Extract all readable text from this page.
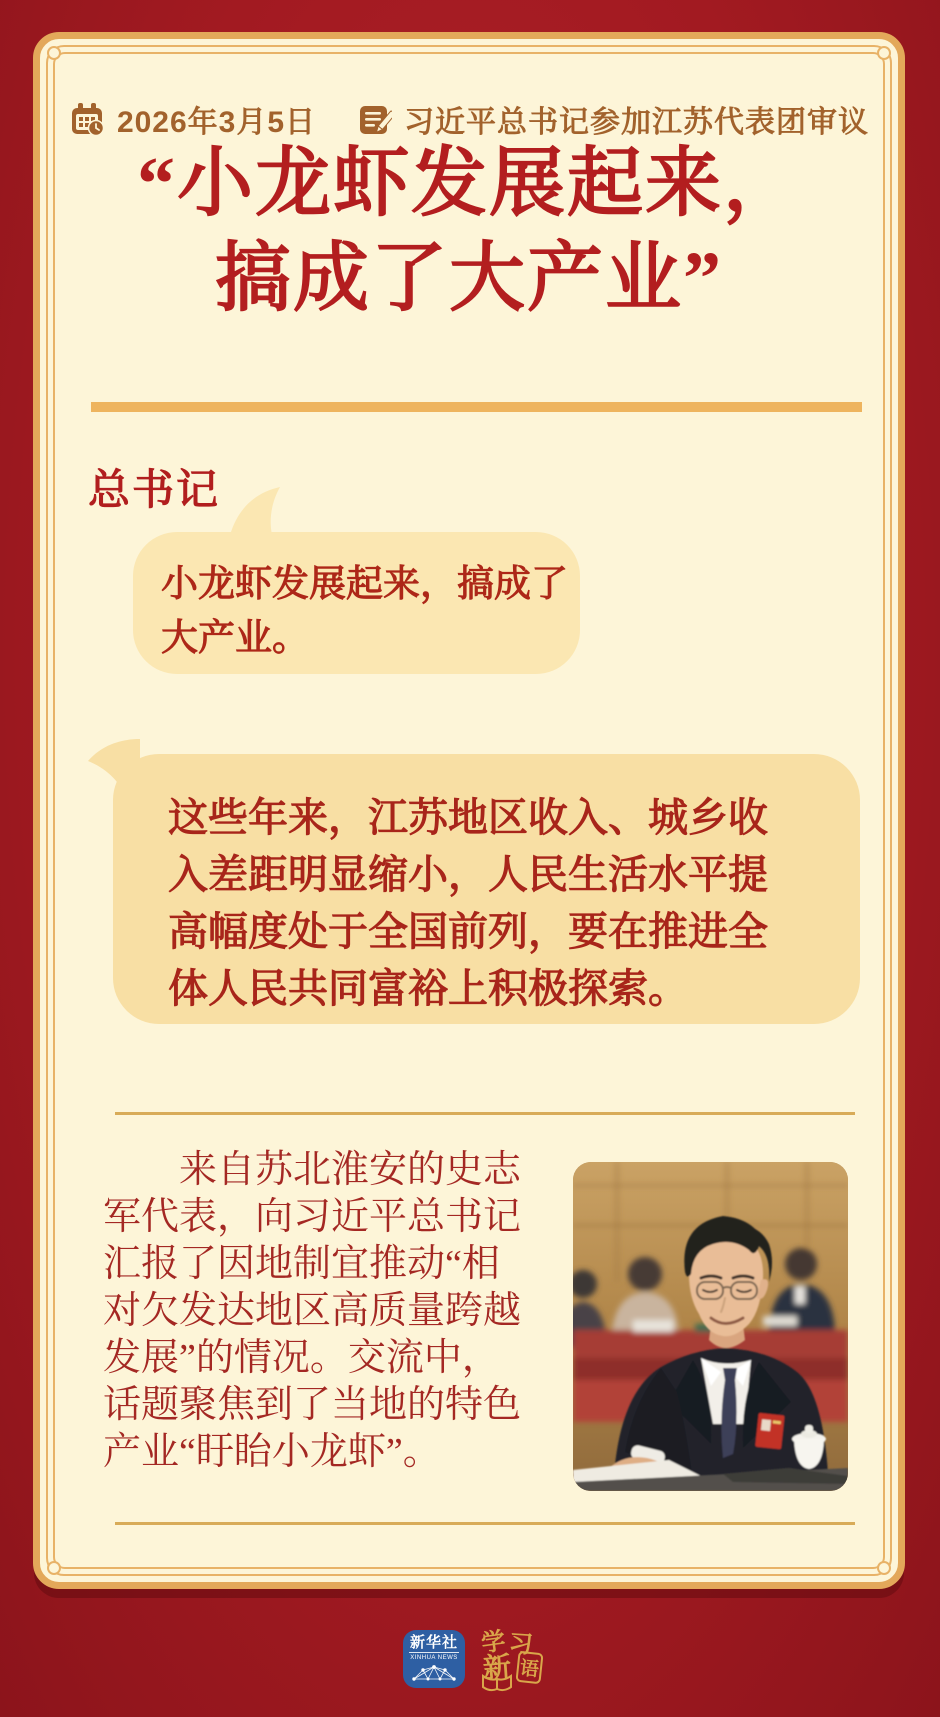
2026年3月5日	习近平总书记参加江苏代表团审议
“小龙虾发展起来，
搞成了大产业”
总书记
小龙虾发展起来，搞成了大产业。
这些年来，江苏地区收入、城乡收入差距明显缩小，人民生活水平提高幅度处于全国前列，要在推进全体人民共同富裕上积极探索。
来自苏北淮安的史志军代表，向习近平总书记汇报了因地制宜推动“相对欠发达地区高质量跨越发展”的情况。交流中，话题聚焦到了当地的特色产业“盱眙小龙虾”。
新华社
XINHUA NEWS
学 习
新 语
